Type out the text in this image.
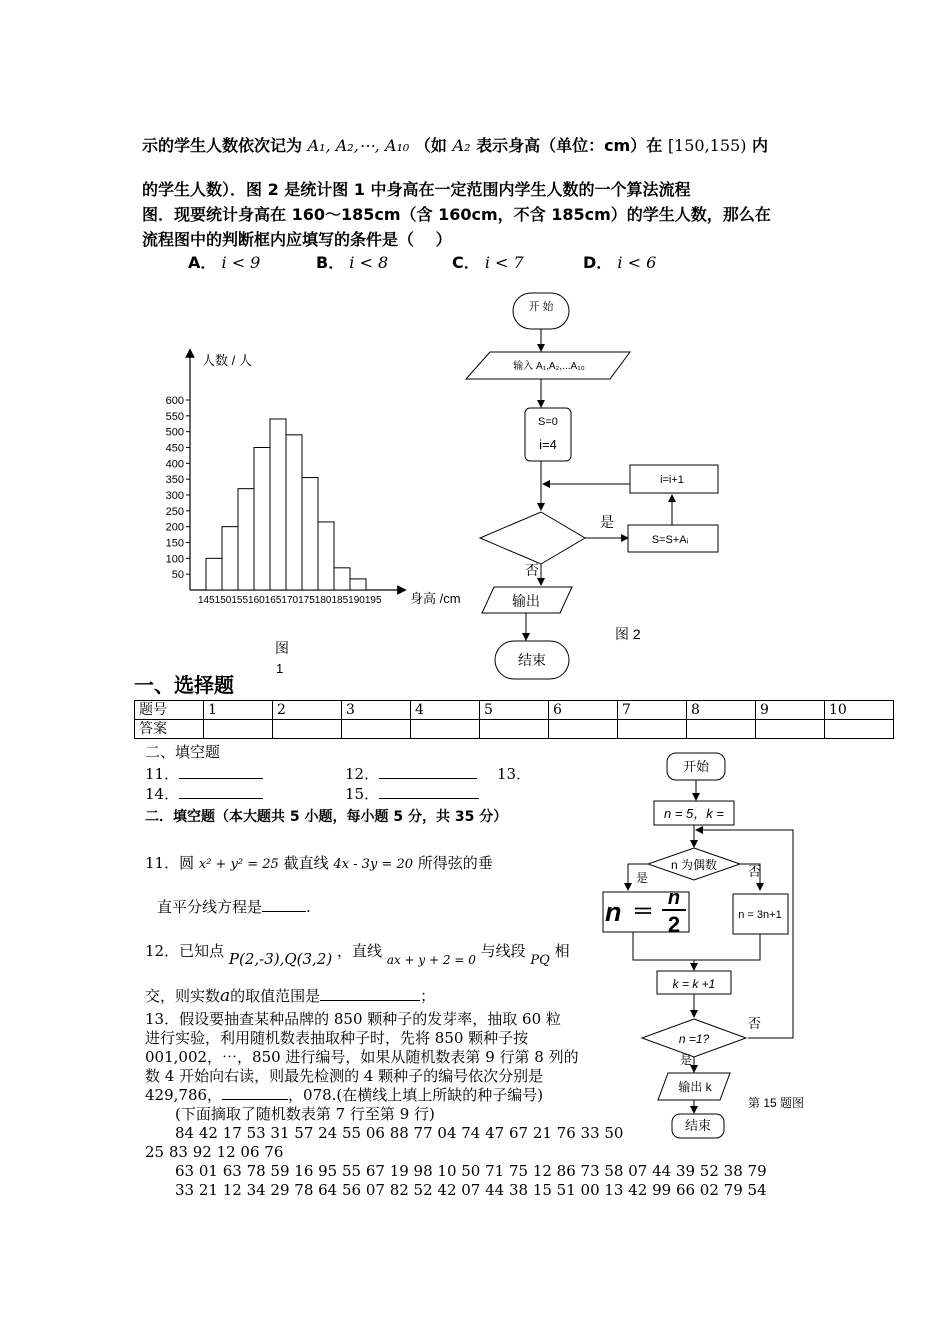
示的学生人数依次记为 A₁, A₂,⋯, A₁₀ （如 A₂ 表示身高（单位：cm）在 [150,155) 内
的学生人数）．图 2 是统计图 1 中身高在一定范围内学生人数的一个算法流程
图．现要统计身高在 160～185cm（含 160cm，不含 185cm）的学生人数，那么在
流程图中的判断框内应填写的条件是（　 ）
A． i < 9	B． i < 8	C． i < 7	D． i < 6
人数 / 人
身高 /cm
50
100
150
200
250
300
350
400
450
500
550
600
145150155160165170175180185190195
图
1
开 始
输入 A₁,A₂,...A₁₀
S=0
i=4
i=i+1
是
S=S+Aᵢ
否
输出
结束
图 2
一、选择题
题号	1	2	3	4	5	6	7	8	9	10
答案										
二、填空题
11．	12．	13．
14．	15．
二．填空题（本大题共 5 小题，每小题 5 分，共 35 分）
11．圆 x² + y² = 25 截直线 4x - 3y = 20 所得弦的垂
直平分线方程是	.
12．已知点 P(2,-3),Q(3,2) ，直线 $_{ax + y + 2 = 0}$ 与线段 PQ 相
交，则实数a的取值范围是	；
13．假设要抽查某种品牌的 850 颗种子的发芽率，抽取 60 粒
进行实验，利用随机数表抽取种子时，先将 850 颗种子按
001,002，⋯，850 进行编号，如果从随机数表第 9 行第 8 列的
数 4 开始向右读，则最先检测的 4 颗种子的编号依次分别是
429,786，	，078.(在横线上填上所缺的种子编号)
(下面摘取了随机数表第 7 行至第 9 行)
84 42 17 53 31 57 24 55 06 88 77 04 74 47 67 21 76 33 50
25 83 92 12 06 76
63 01 63 78 59 16 95 55 67 19 98 10 50 71 75 12 86 73 58 07 44 39 52 38 79
33 21 12 34 29 78 64 56 07 82 52 42 07 44 38 15 51 00 13 42 99 66 02 79 54
开始
n = 5，k =
n 为偶数
是	否
n ＝
n
2	n = 3n+1
k = k +1
n =1?
否
是
输出 k
结束
第 15 题图
